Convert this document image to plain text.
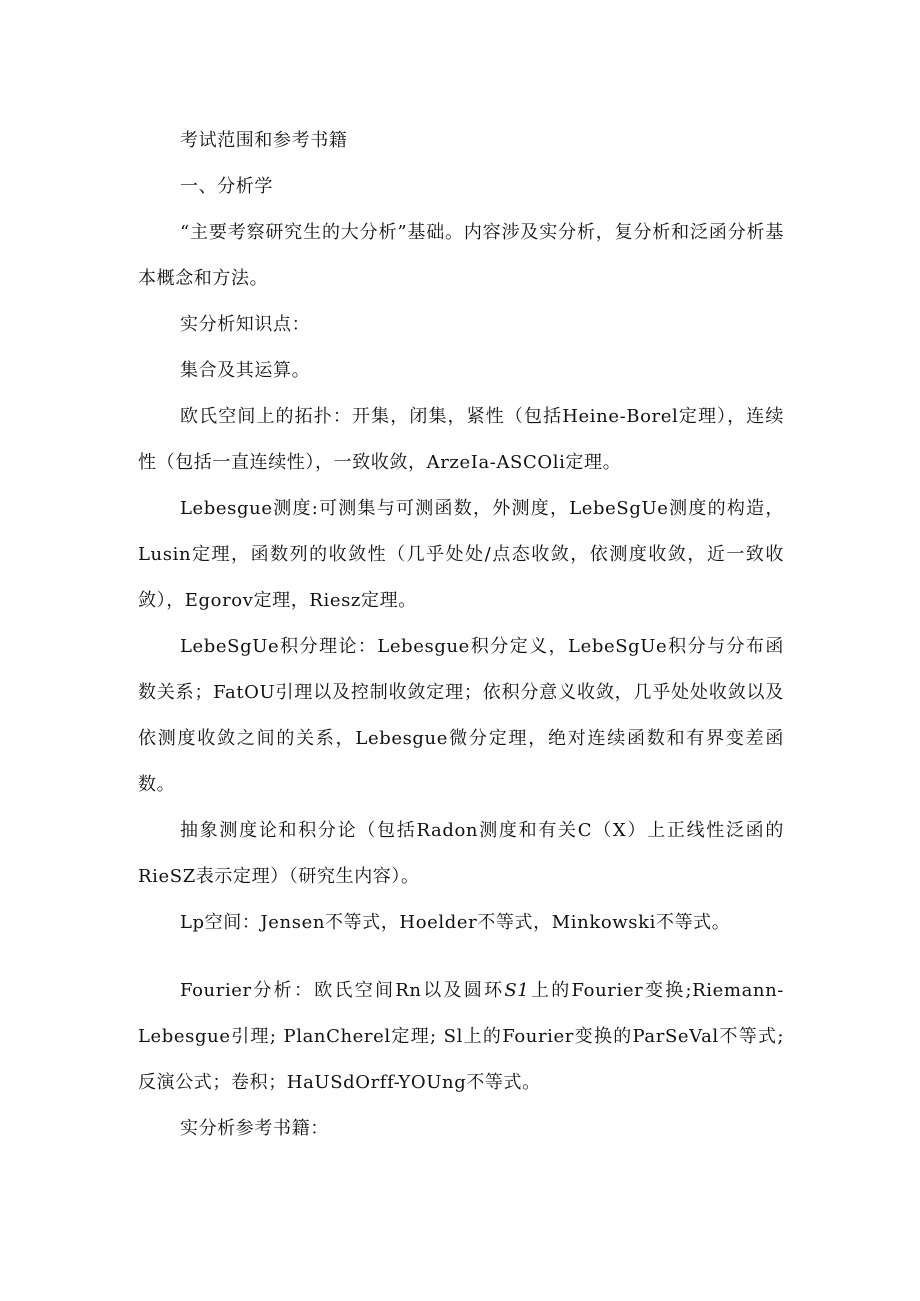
考试范围和参考书籍

一、分析学

“主要考察研究生的大分析”基础。内容涉及实分析，复分析和泛函分析基本概念和方法。

实分析知识点：

集合及其运算。

欧氏空间上的拓扑：开集，闭集，紧性（包括Heine-Borel定理），连续性（包括一直连续性），一致收敛，ArzeIa-ASCOli定理。

Lebesgue测度:可测集与可测函数，外测度，LebeSgUe测度的构造，Lusin定理，函数列的收敛性（几乎处处/点态收敛，依测度收敛，近一致收敛），Egorov定理，Riesz定理。

LebeSgUe积分理论：Lebesgue积分定义，LebeSgUe积分与分布函数关系；FatOU引理以及控制收敛定理；依积分意义收敛，几乎处处收敛以及依测度收敛之间的关系，Lebesgue微分定理，绝对连续函数和有界变差函数。

抽象测度论和积分论（包括Radon测度和有关C（X）上正线性泛函的RieSZ表示定理）（研究生内容）。

Lp空间：Jensen不等式，Hoelder不等式，Minkowski不等式。

Fourier分析：欧氏空间Rn以及圆环S1上的Fourier变换;Riemann-Lebesgue引理; PlanCherel定理; Sl上的Fourier变换的ParSeVal不等式;反演公式；卷积；HaUSdOrff-YOUng不等式。

实分析参考书籍：
